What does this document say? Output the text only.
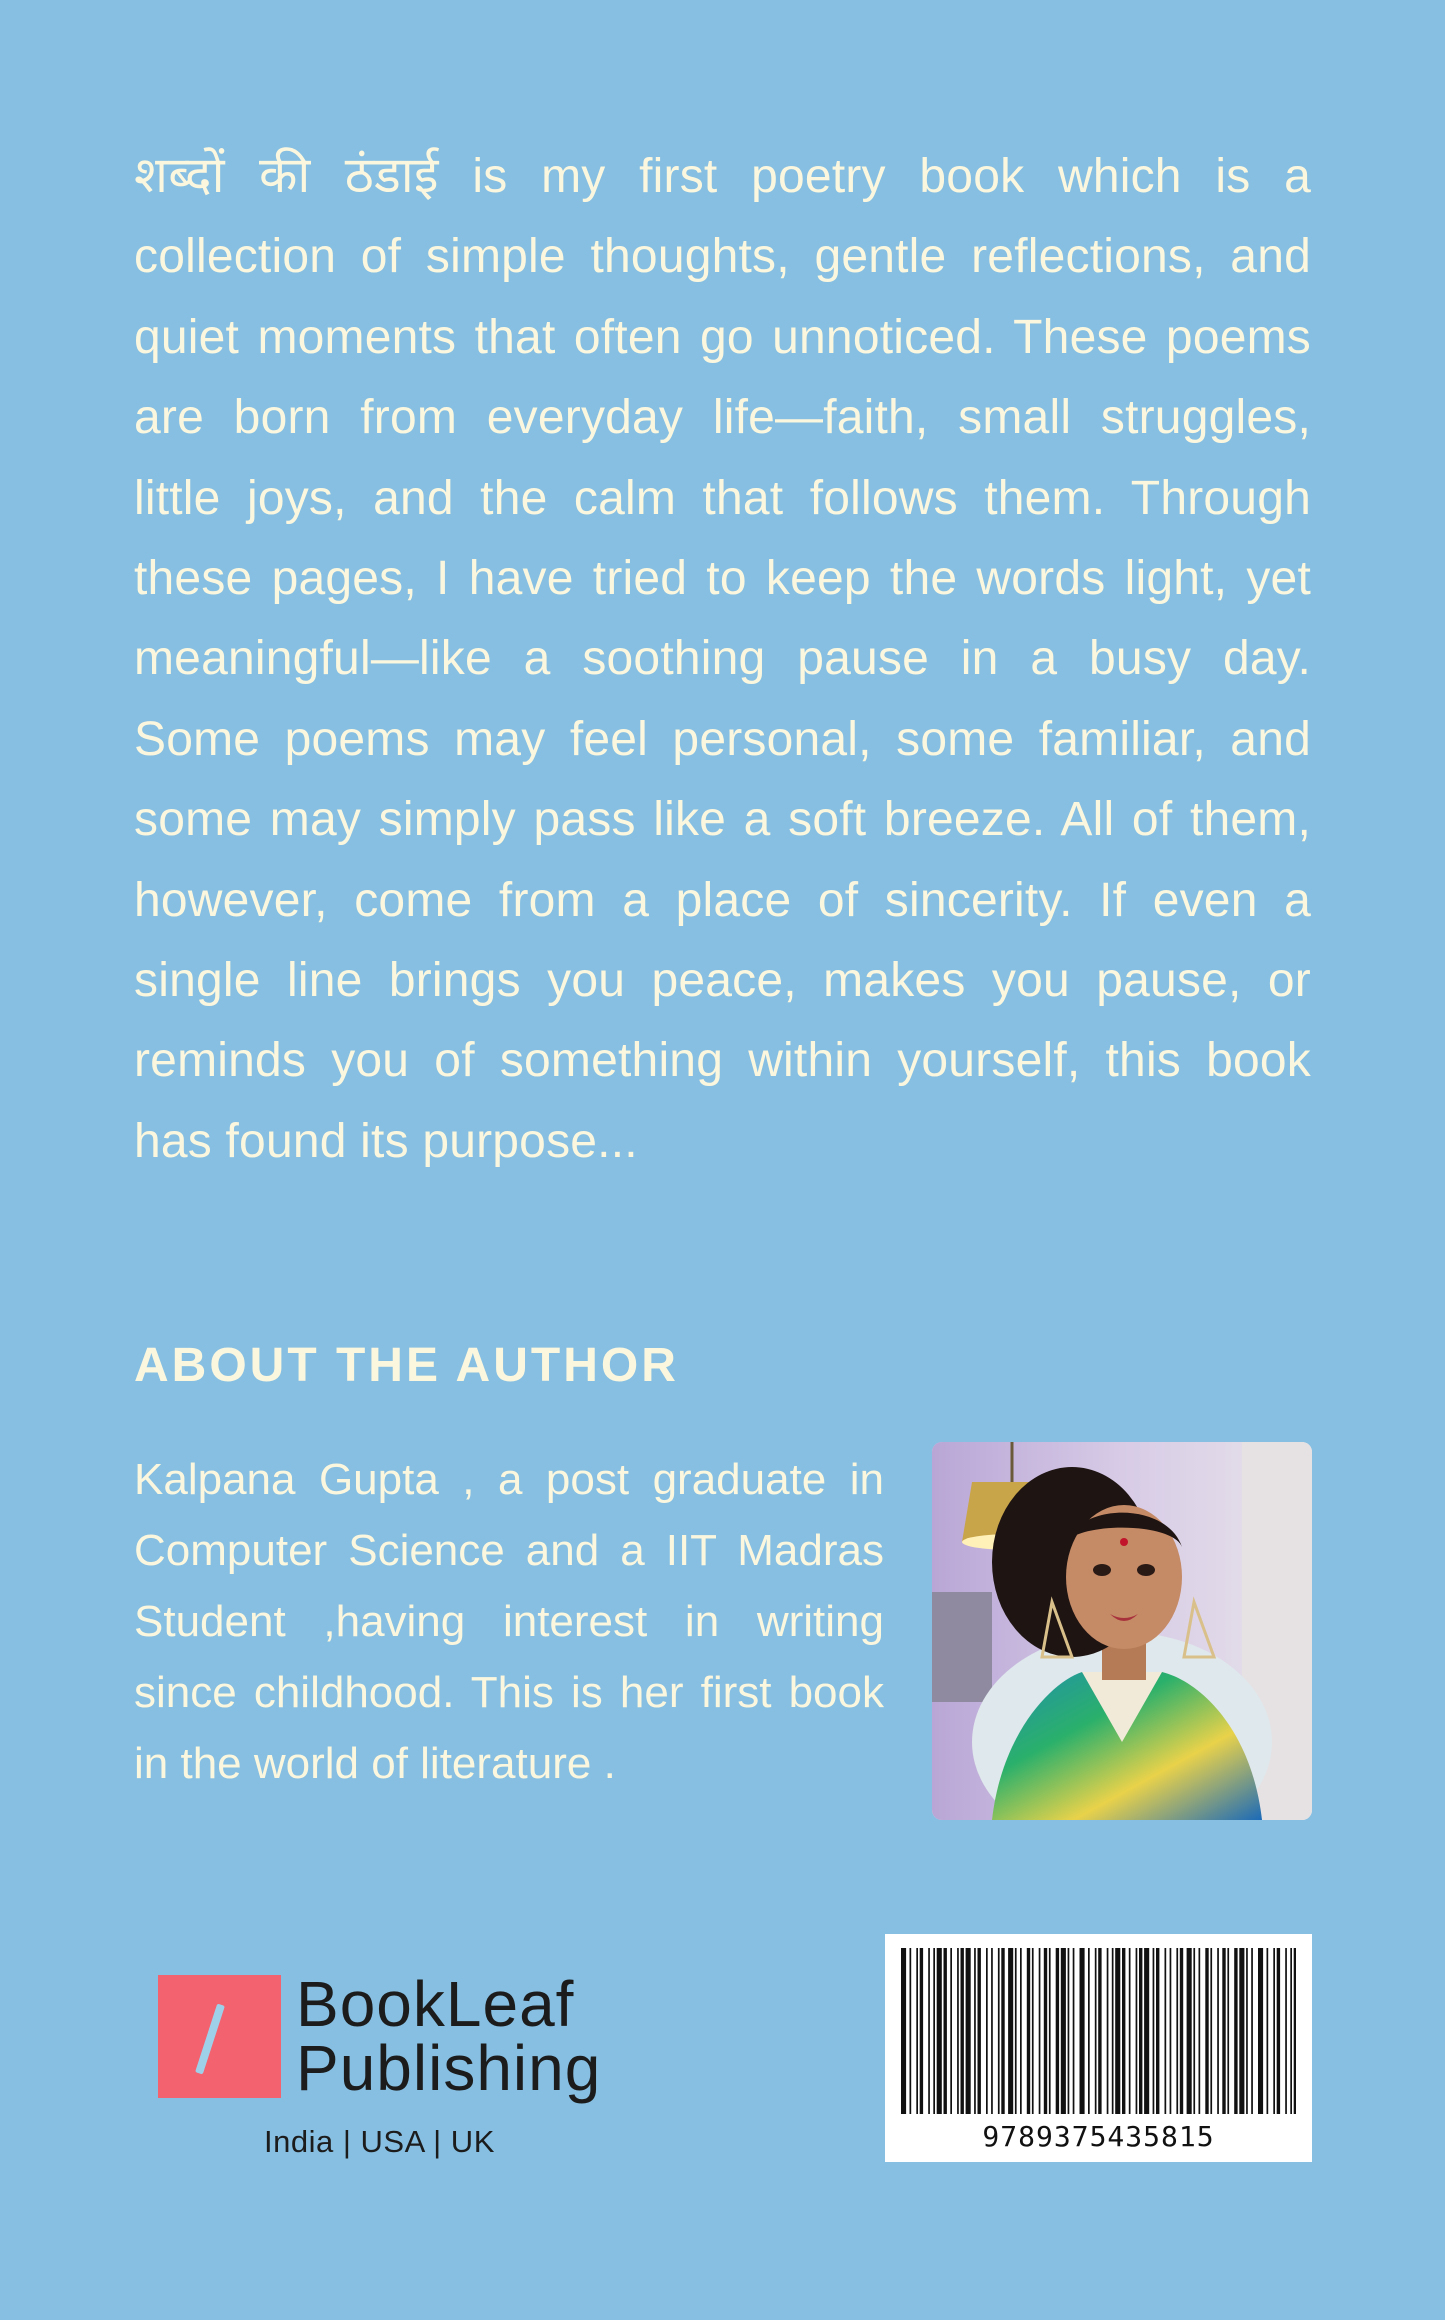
शब्दों की ठंडाई is my first poetry book which is a collection of simple thoughts, gentle reflections, and quiet moments that often go unnoticed. These poems are born from everyday life—faith, small struggles, little joys, and the calm that follows them. Through these pages, I have tried to keep the words light, yet meaningful—like a soothing pause in a busy day. Some poems may feel personal, some familiar, and some may simply pass like a soft breeze. All of them, however, come from a place of sincerity. If even a single line brings you peace, makes you pause, or reminds you of something within yourself, this book has found its purpose...

ABOUT THE AUTHOR

Kalpana Gupta , a post graduate in Computer Science and a IIT Madras Student ,having interest in writing since childhood. This is her first book in the world of literature .

BookLeaf
Publishing
India | USA | UK	9789375435815
